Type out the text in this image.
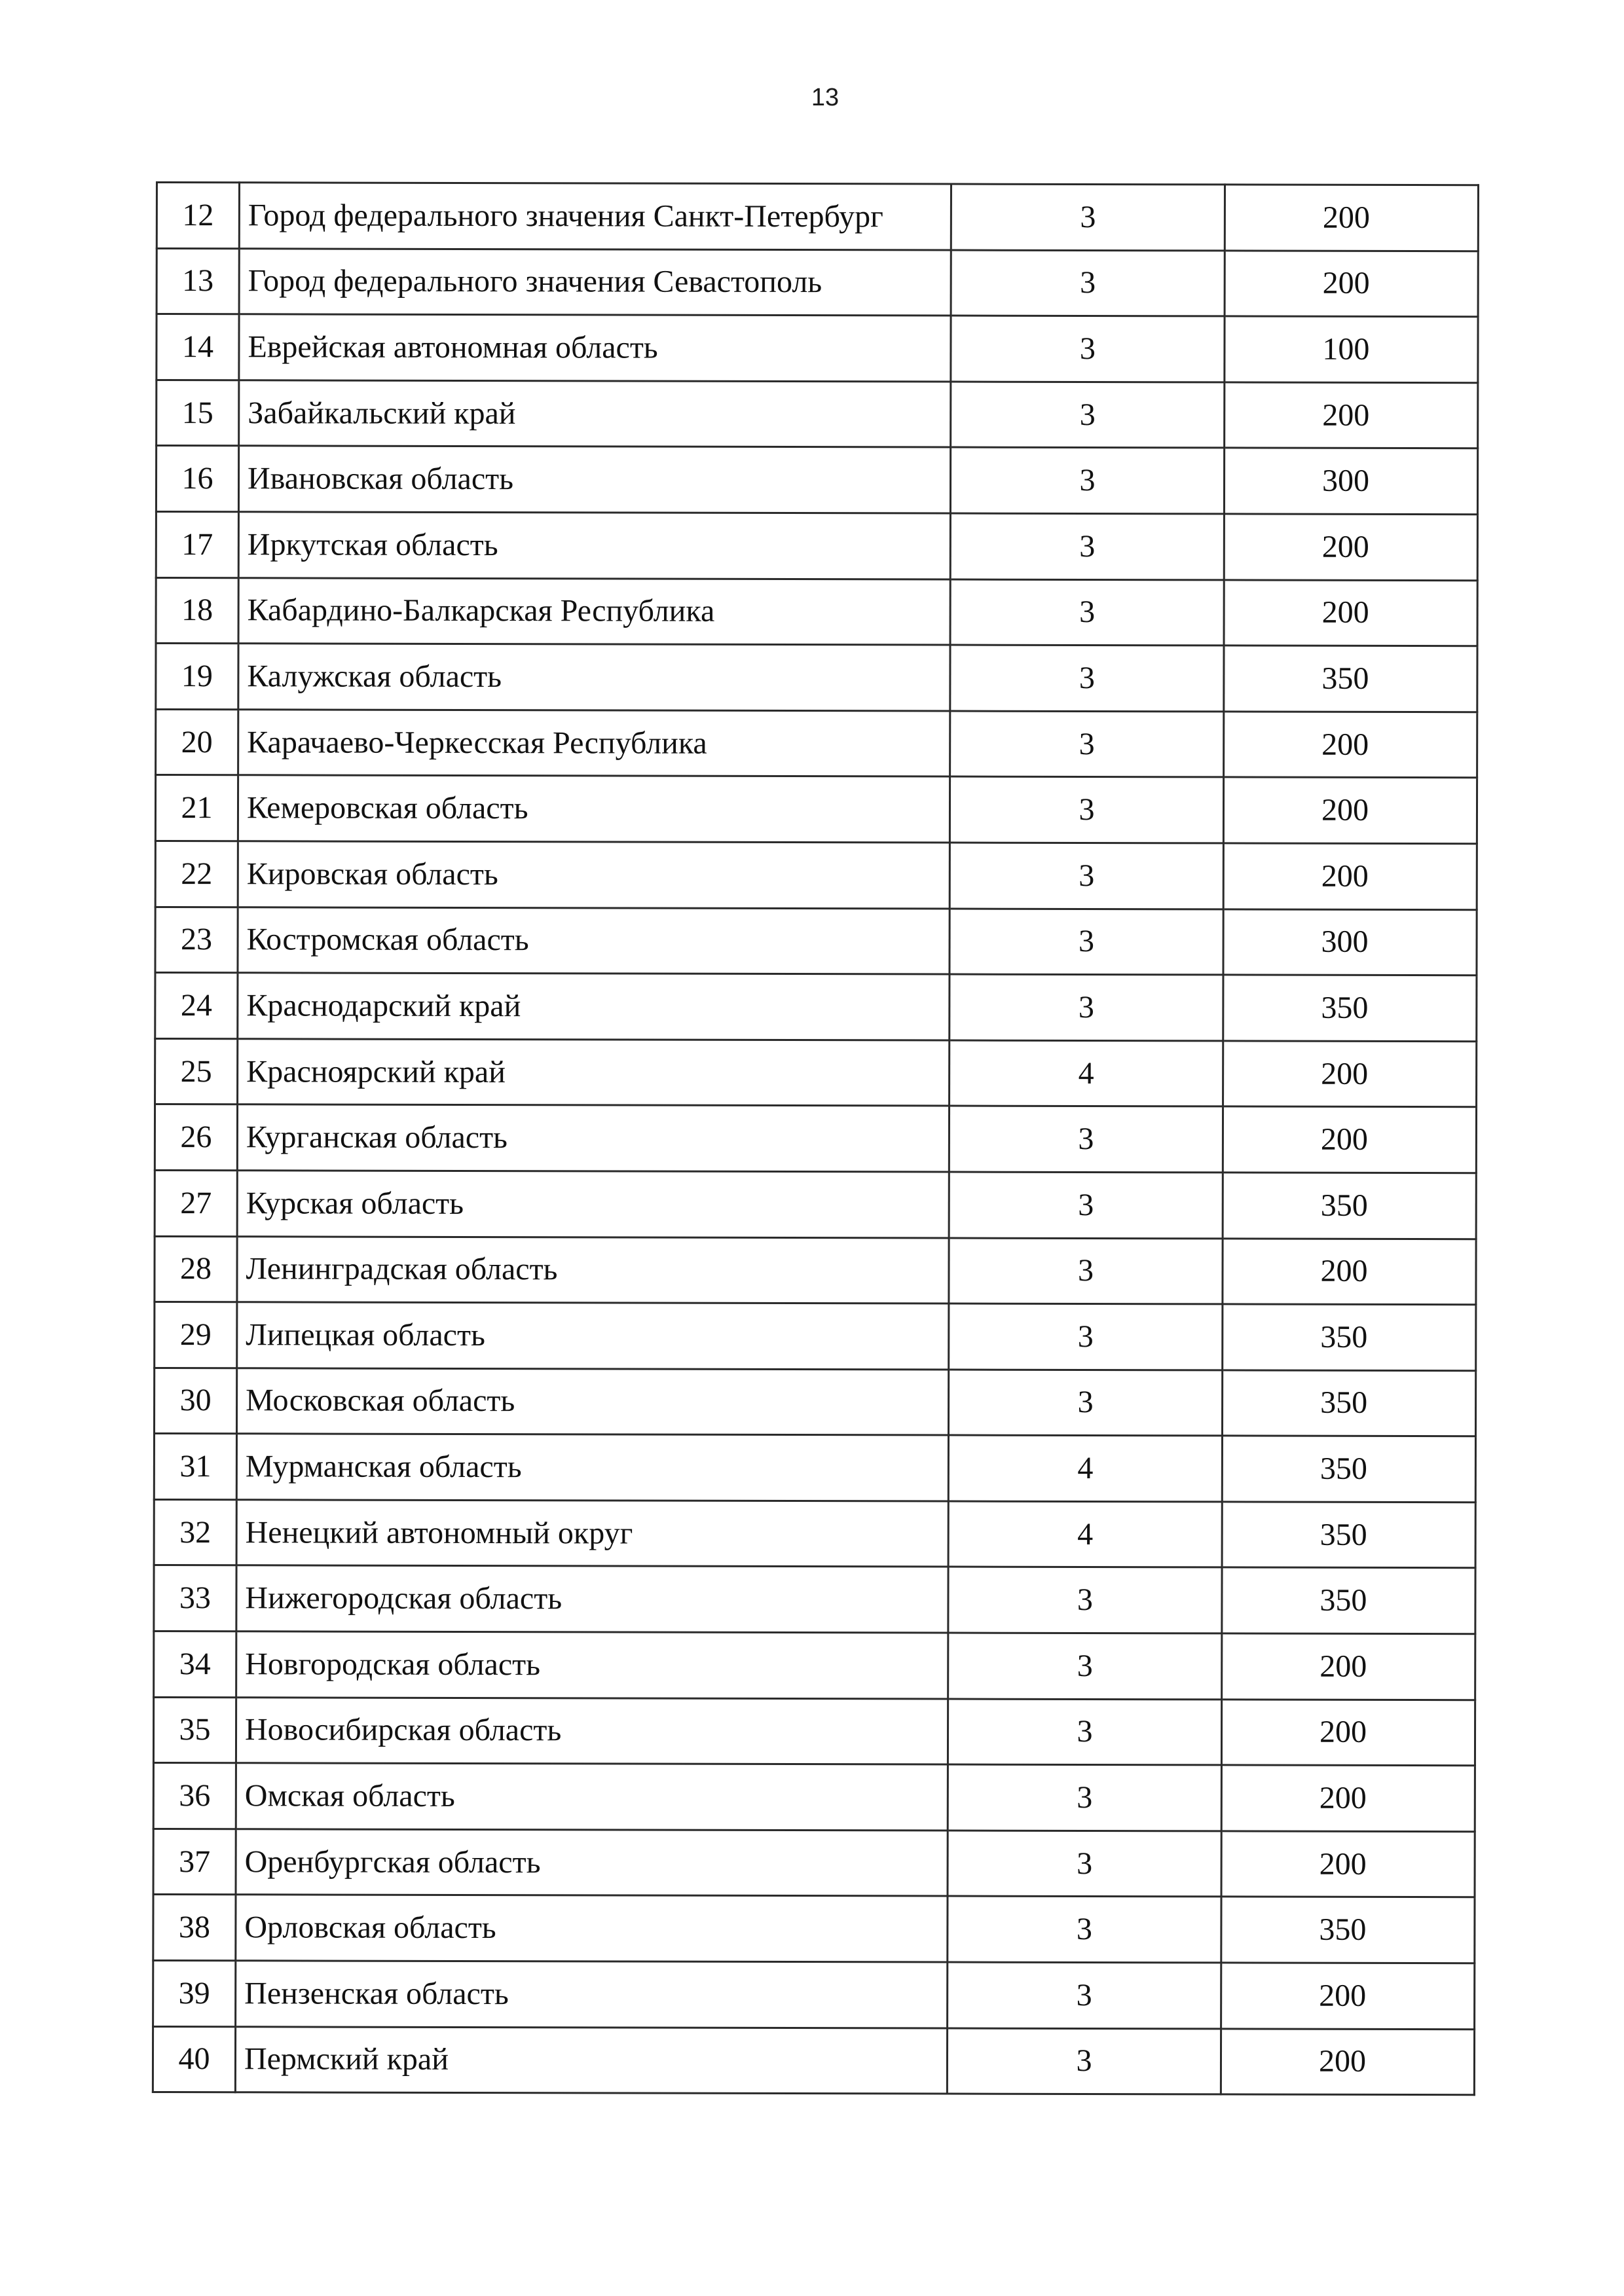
13
12	Город федерального значения Санкт-Петербург	3	200
13	Город федерального значения Севастополь	3	200
14	Еврейская автономная область	3	100
15	Забайкальский край	3	200
16	Ивановская область	3	300
17	Иркутская область	3	200
18	Кабардино-Балкарская Республика	3	200
19	Калужская область	3	350
20	Карачаево-Черкесская Республика	3	200
21	Кемеровская область	3	200
22	Кировская область	3	200
23	Костромская область	3	300
24	Краснодарский край	3	350
25	Красноярский край	4	200
26	Курганская область	3	200
27	Курская область	3	350
28	Ленинградская область	3	200
29	Липецкая область	3	350
30	Московская область	3	350
31	Мурманская область	4	350
32	Ненецкий автономный округ	4	350
33	Нижегородская область	3	350
34	Новгородская область	3	200
35	Новосибирская область	3	200
36	Омская область	3	200
37	Оренбургская область	3	200
38	Орловская область	3	350
39	Пензенская область	3	200
40	Пермский край	3	200
